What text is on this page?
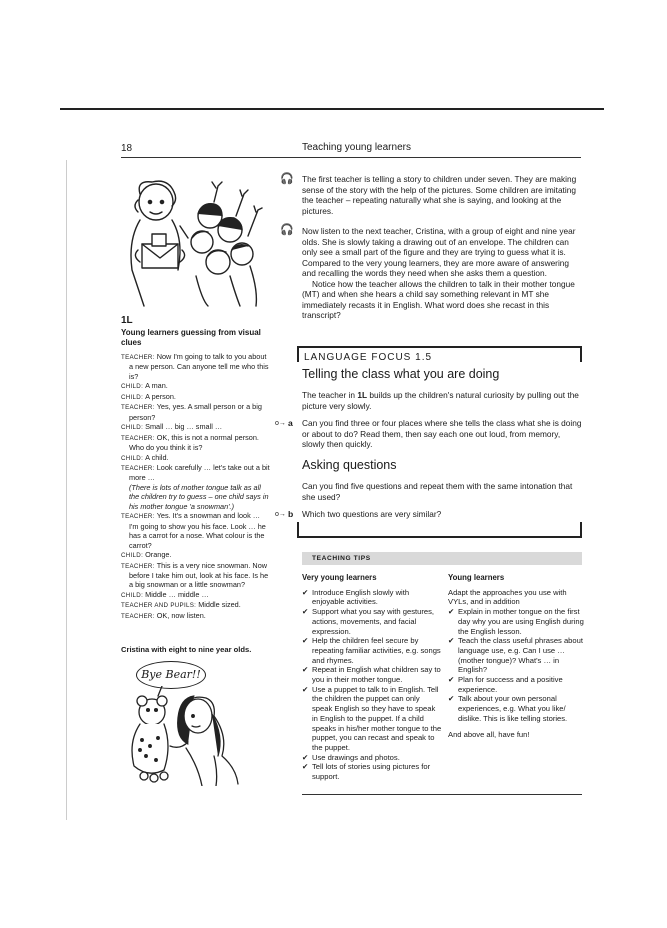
18	Teaching young learners
1L
Young learners guessing from visual clues
TEACHER: Now I'm going to talk to you about a new person. Can anyone tell me who this is?
CHILD: A man.
CHILD: A person.
TEACHER: Yes, yes. A small person or a big person?
CHILD: Small … big … small …
TEACHER: OK, this is not a normal person. Who do you think it is?
CHILD: A child.
TEACHER: Look carefully … let's take out a bit more …
(There is lots of mother tongue talk as all the children try to guess – one child says in his mother tongue 'a snowman'.)
TEACHER: Yes. It's a snowman and look … I'm going to show you his face. Look … he has a carrot for a nose. What colour is the carrot?
CHILD: Orange.
TEACHER: This is a very nice snowman. Now before I take him out, look at his face. Is he a big snowman or a little snowman?
CHILD: Middle … middle …
TEACHER AND PUPILS: Middle sized.
TEACHER: OK, now listen.
Cristina with eight to nine year olds.
Bye Bear!!
🎧 The first teacher is telling a story to children under seven. They are making sense of the story with the help of the pictures. Some children are imitating the teacher – repeating naturally what she is saying, and looking at the pictures.
🎧 Now listen to the next teacher, Cristina, with a group of eight and nine year olds. She is slowly taking a drawing out of an envelope. The children can only see a small part of the figure and they are trying to guess what it is. Compared to the very young learners, they are more aware of answering and recalling the words they need when she asks them a question.
Notice how the teacher allows the children to talk in their mother tongue (MT) and when she hears a child say something relevant in MT she immediately recasts it in English. What word does she recast in this transcript?
LANGUAGE FOCUS 1.5
Telling the class what you are doing
The teacher in 1L builds up the children's natural curiosity by pulling out the picture very slowly.
o→ a Can you find three or four places where she tells the class what she is doing or about to do? Read them, then say each one out loud, from memory, slowly then quickly.
Asking questions
Can you find five questions and repeat them with the same intonation that she used?
o→ b Which two questions are very similar?
TEACHING TIPS
Very young learners
✔ Introduce English slowly with enjoyable activities.
✔ Support what you say with gestures, actions, movements, and facial expression.
✔ Help the children feel secure by repeating familiar activities, e.g. songs and rhymes.
✔ Repeat in English what children say to you in their mother tongue.
✔ Use a puppet to talk to in English. Tell the children the puppet can only speak English so they have to speak in English to the puppet. If a child speaks in his/her mother tongue to the puppet, you can recast and speak to the puppet.
✔ Use drawings and photos.
✔ Tell lots of stories using pictures for support.
Young learners
Adapt the approaches you use with VYLs, and in addition
✔ Explain in mother tongue on the first day why you are using English during the English lesson.
✔ Teach the class useful phrases about language use, e.g. Can I use … (mother tongue)? What's … in English?
✔ Plan for success and a positive experience.
✔ Talk about your own personal experiences, e.g. What you like/ dislike. This is like telling stories.
And above all, have fun!
